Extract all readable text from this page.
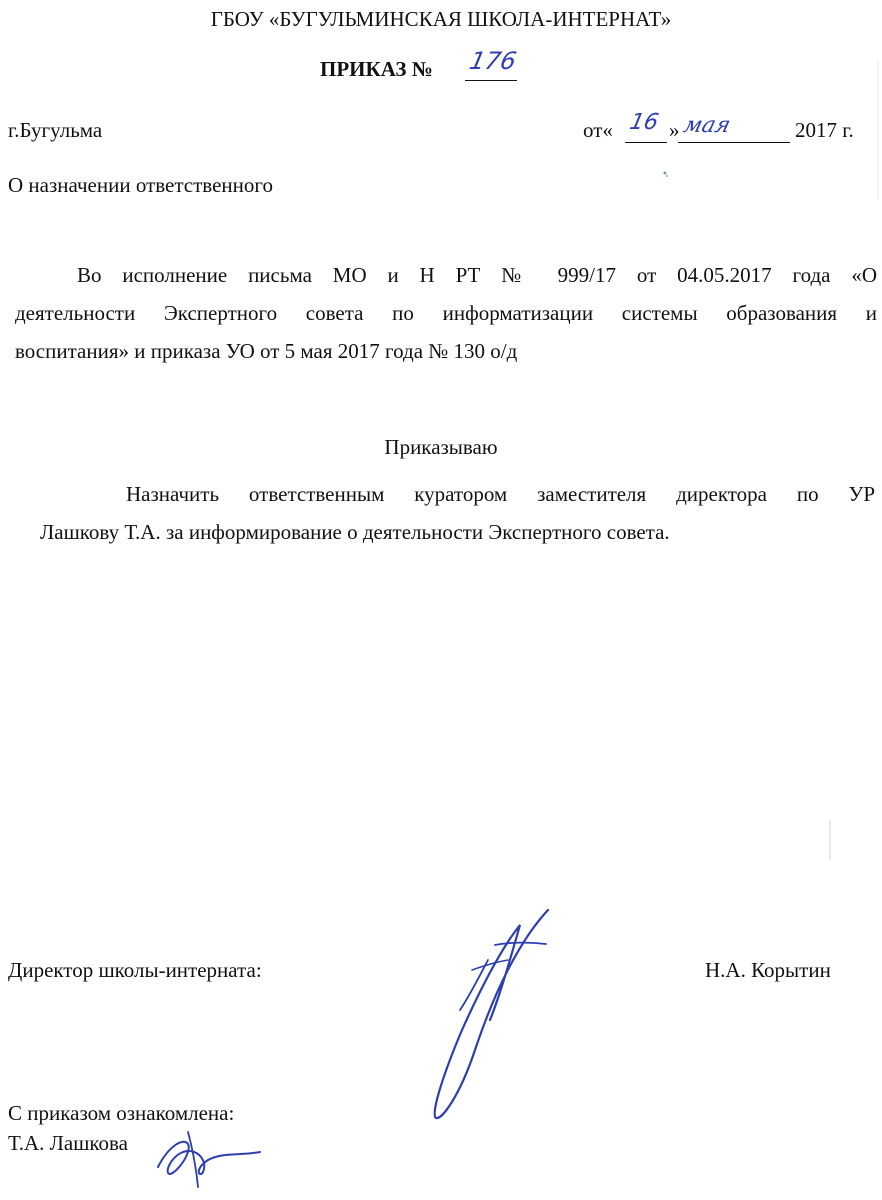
ГБОУ «БУГУЛЬМИНСКАЯ ШКОЛА-ИНТЕРНАТ»
ПРИКАЗ № 176
г.Бугульма	от« 16 » мая	2017 г.
О назначении ответственного
Во исполнение письма МО и Н РТ № 999/17 от 04.05.2017 года «О
деятельности Экспертного совета по информатизации системы образования и
воспитания» и приказа УО от 5 мая 2017 года № 130 о/д
Приказываю
Назначить ответственным куратором заместителя директора по УР
Лашкову Т.А. за информирование о деятельности Экспертного совета.
Директор школы-интерната:	Н.А. Корытин
С приказом ознакомлена:
Т.А. Лашкова
